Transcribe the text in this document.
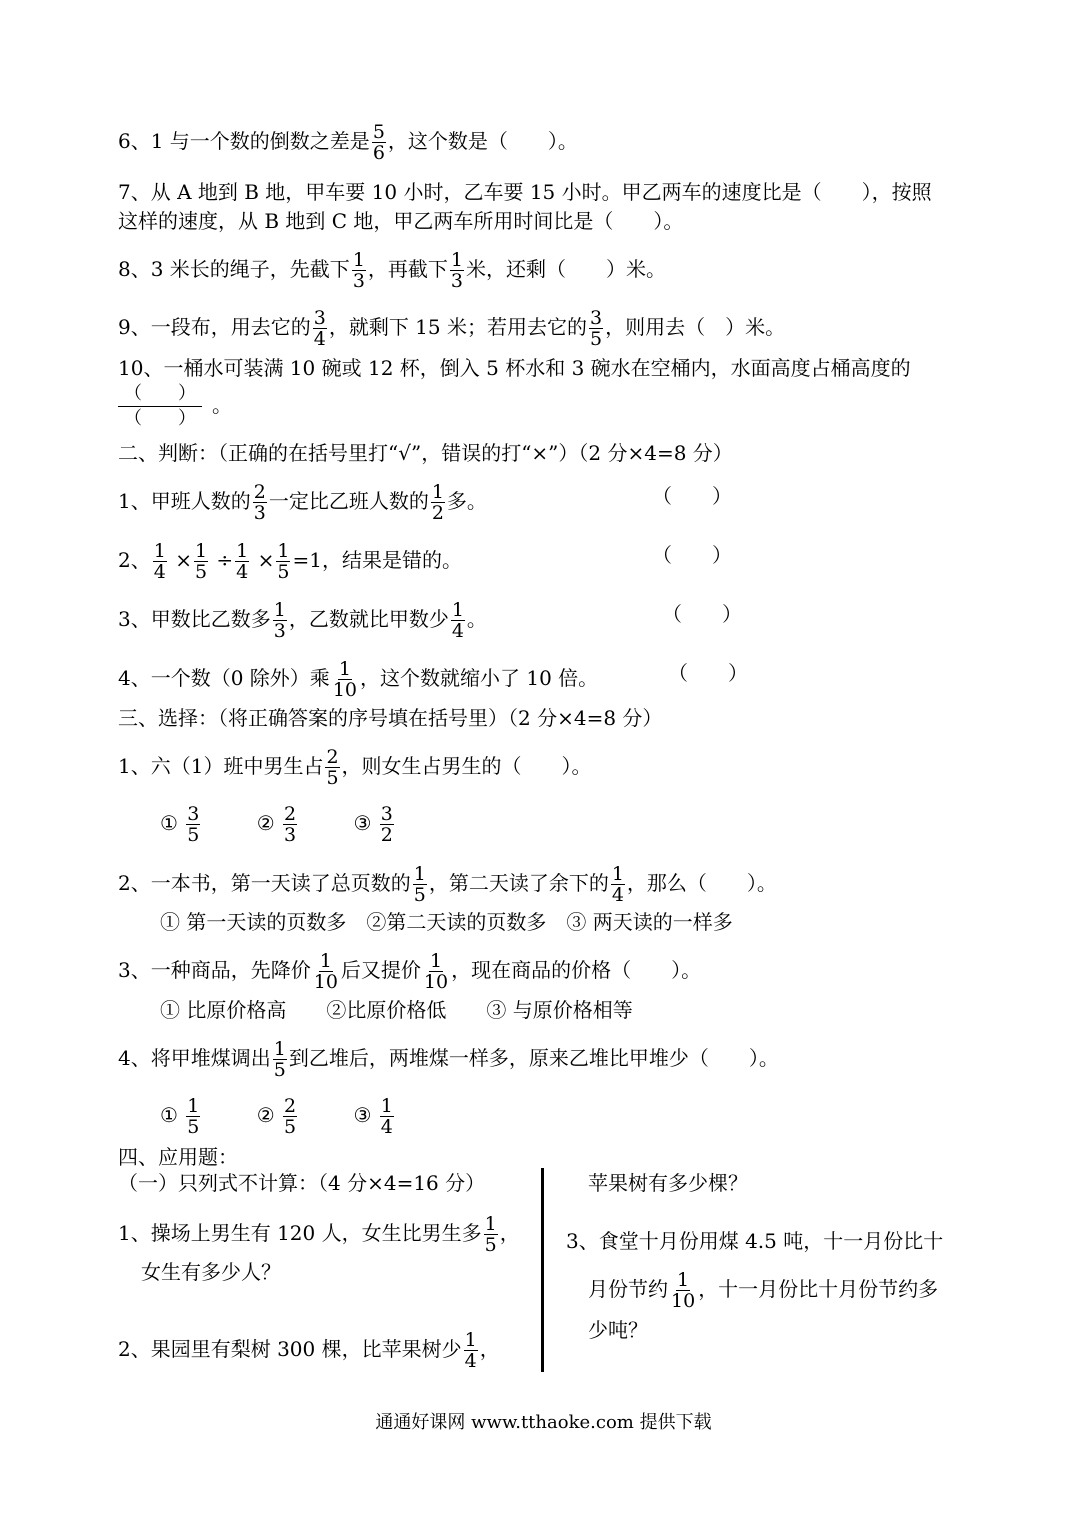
6、1 与一个数的倒数之差是 $\frac{5}{6}$ ，这个数是（　　）。
7、从 A 地到 B 地，甲车要 10 小时，乙车要 15 小时。甲乙两车的速度比是（　　），按照
这样的速度，从 B 地到 C 地，甲乙两车所用时间比是（　　）。
8、3 米长的绳子，先截下 $\frac{1}{3}$ ，再截下 $\frac{1}{3}$ 米，还剩（　　）米。
9、一段布，用去它的 $\frac{3}{4}$ ，就剩下 15 米；若用去它的 $\frac{3}{5}$ ，则用去（　）米。
10、一桶水可装满 10 碗或 12 杯，倒入 5 杯水和 3 碗水在空桶内，水面高度占桶高度的
$\frac{( )}{( )}$ 。
二、判断：（正确的在括号里打“√”，错误的打“×”）（2 分×4=8 分）
1、甲班人数的 $\frac{2}{3}$ 一定比乙班人数的 $\frac{1}{2}$ 多。	（　　）
2、 $\frac{1}{4} \times \frac{1}{5} \div \frac{1}{4} \times \frac{1}{5} =1$，结果是错的。	（　　）
3、甲数比乙数多 $\frac{1}{3}$ ，乙数就比甲数少 $\frac{1}{4}$ 。	（　　）
4、一个数（0 除外）乘 $\frac{1}{10}$ ，这个数就缩小了 10 倍。	（　　）
三、选择：（将正确答案的序号填在括号里）（2 分×4=8 分）
1、六（1）班中男生占 $\frac{2}{5}$ ，则女生占男生的（　　）。
① $\frac{3}{5}$	② $\frac{2}{3}$	③ $\frac{3}{2}$
2、一本书，第一天读了总页数的 $\frac{1}{5}$ ，第二天读了余下的 $\frac{1}{4}$ ，那么（　　）。
① 第一天读的页数多　②第二天读的页数多　③ 两天读的一样多
3、一种商品，先降价 $\frac{1}{10}$ 后又提价 $\frac{1}{10}$ ，现在商品的价格（　　）。
① 比原价格高　　②比原价格低　　③ 与原价格相等
4、将甲堆煤调出 $\frac{1}{5}$ 到乙堆后，两堆煤一样多，原来乙堆比甲堆少（　　）。
① $\frac{1}{5}$	② $\frac{2}{5}$	③ $\frac{1}{4}$
四、应用题：
（一）只列式不计算：（4 分×4=16 分）
1、操场上男生有 120 人，女生比男生多 $\frac{1}{5}$ ，
女生有多少人？
2、果园里有梨树 300 棵，比苹果树少 $\frac{1}{4}$ ，
苹果树有多少棵？
3、食堂十月份用煤 4.5 吨，十一月份比十
月份节约 $\frac{1}{10}$ ，十一月份比十月份节约多
少吨？
通通好课网 www.tthaoke.com 提供下载
